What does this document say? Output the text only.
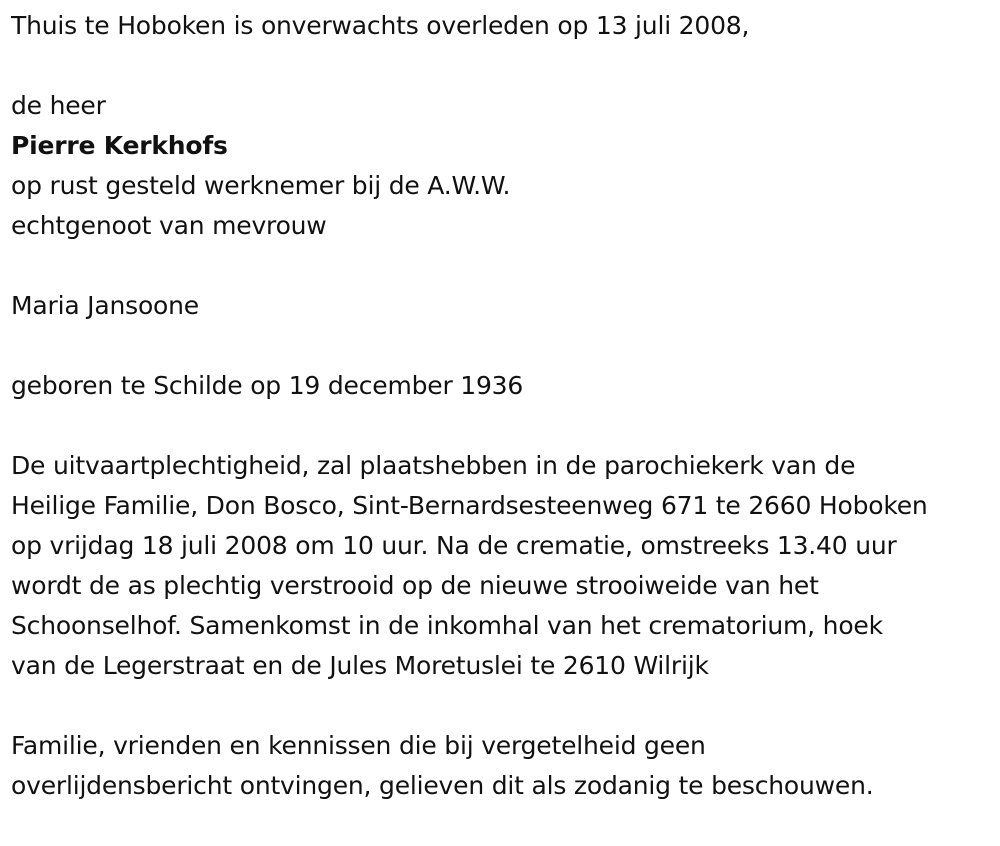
Thuis te Hoboken is onverwachts overleden op 13 juli 2008,
de heer
Pierre Kerkhofs
op rust gesteld werknemer bij de A.W.W.
echtgenoot van mevrouw
Maria Jansoone
geboren te Schilde op 19 december 1936
De uitvaartplechtigheid, zal plaatshebben in de parochiekerk van de
Heilige Familie, Don Bosco, Sint-Bernardsesteenweg 671 te 2660 Hoboken
op vrijdag 18 juli 2008 om 10 uur. Na de crematie, omstreeks 13.40 uur
wordt de as plechtig verstrooid op de nieuwe strooiweide van het
Schoonselhof. Samenkomst in de inkomhal van het crematorium, hoek
van de Legerstraat en de Jules Moretuslei te 2610 Wilrijk
Familie, vrienden en kennissen die bij vergetelheid geen
overlijdensbericht ontvingen, gelieven dit als zodanig te beschouwen.
